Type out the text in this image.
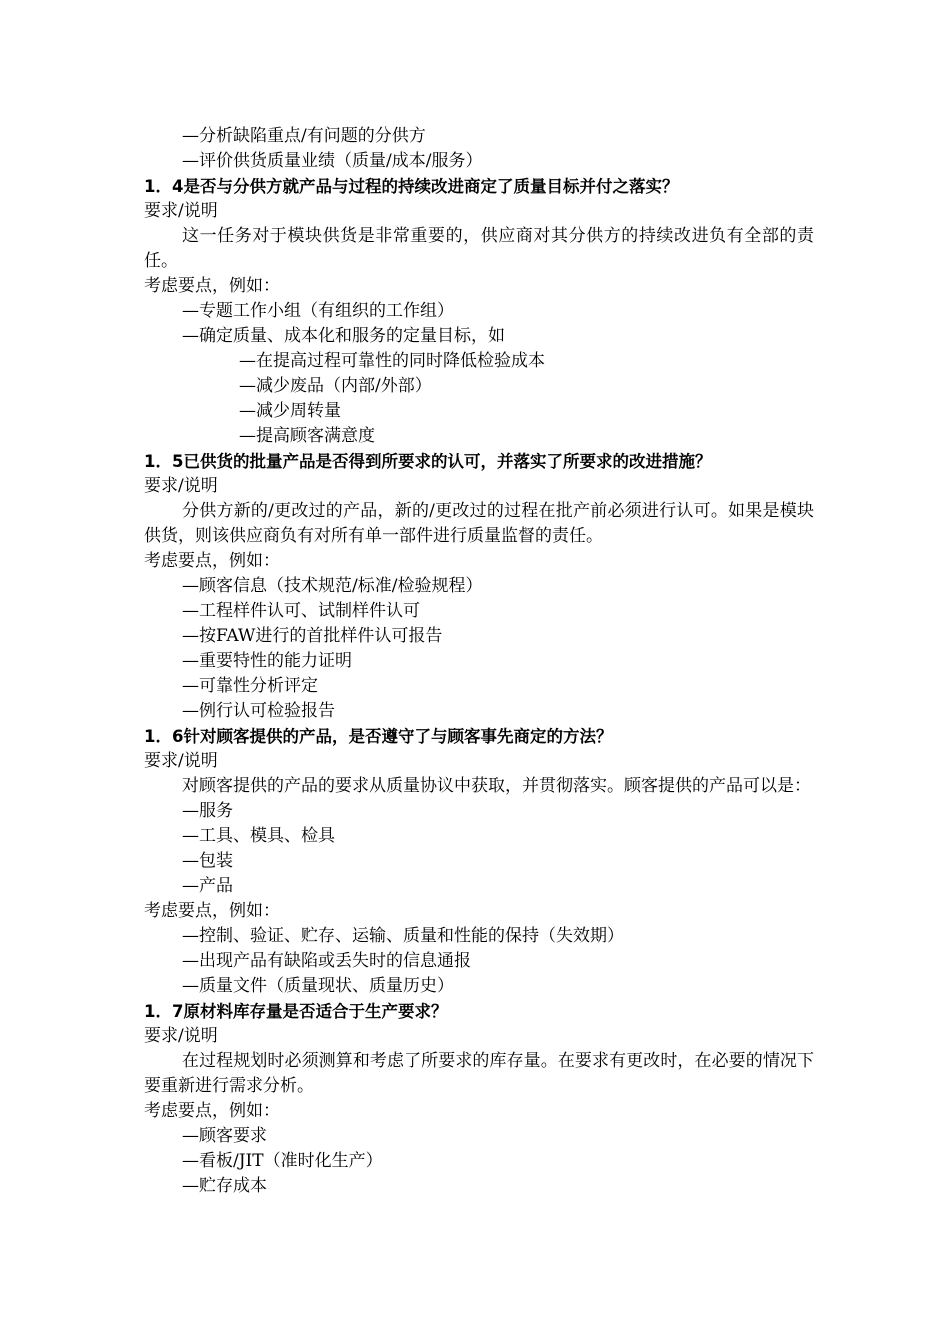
—分析缺陷重点/有问题的分供方
—评价供货质量业绩（质量/成本/服务）
1．4是否与分供方就产品与过程的持续改进商定了质量目标并付之落实？
要求/说明
这一任务对于模块供货是非常重要的，供应商对其分供方的持续改进负有全部的责任。
考虑要点，例如：
—专题工作小组（有组织的工作组）
—确定质量、成本化和服务的定量目标，如
—在提高过程可靠性的同时降低检验成本
—减少废品（内部/外部）
—减少周转量
—提高顾客满意度
1．5已供货的批量产品是否得到所要求的认可，并落实了所要求的改进措施？
要求/说明
分供方新的/更改过的产品，新的/更改过的过程在批产前必须进行认可。如果是模块供货，则该供应商负有对所有单一部件进行质量监督的责任。
考虑要点，例如：
—顾客信息（技术规范/标准/检验规程）
—工程样件认可、试制样件认可
—按FAW进行的首批样件认可报告
—重要特性的能力证明
—可靠性分析评定
—例行认可检验报告
1．6针对顾客提供的产品，是否遵守了与顾客事先商定的方法？
要求/说明
对顾客提供的产品的要求从质量协议中获取，并贯彻落实。顾客提供的产品可以是：
—服务
—工具、模具、检具
—包装
—产品
考虑要点，例如：
—控制、验证、贮存、运输、质量和性能的保持（失效期）
—出现产品有缺陷或丢失时的信息通报
—质量文件（质量现状、质量历史）
1．7原材料库存量是否适合于生产要求？
要求/说明
在过程规划时必须测算和考虑了所要求的库存量。在要求有更改时，在必要的情况下要重新进行需求分析。
考虑要点，例如：
—顾客要求
—看板/JIT（准时化生产）
—贮存成本
